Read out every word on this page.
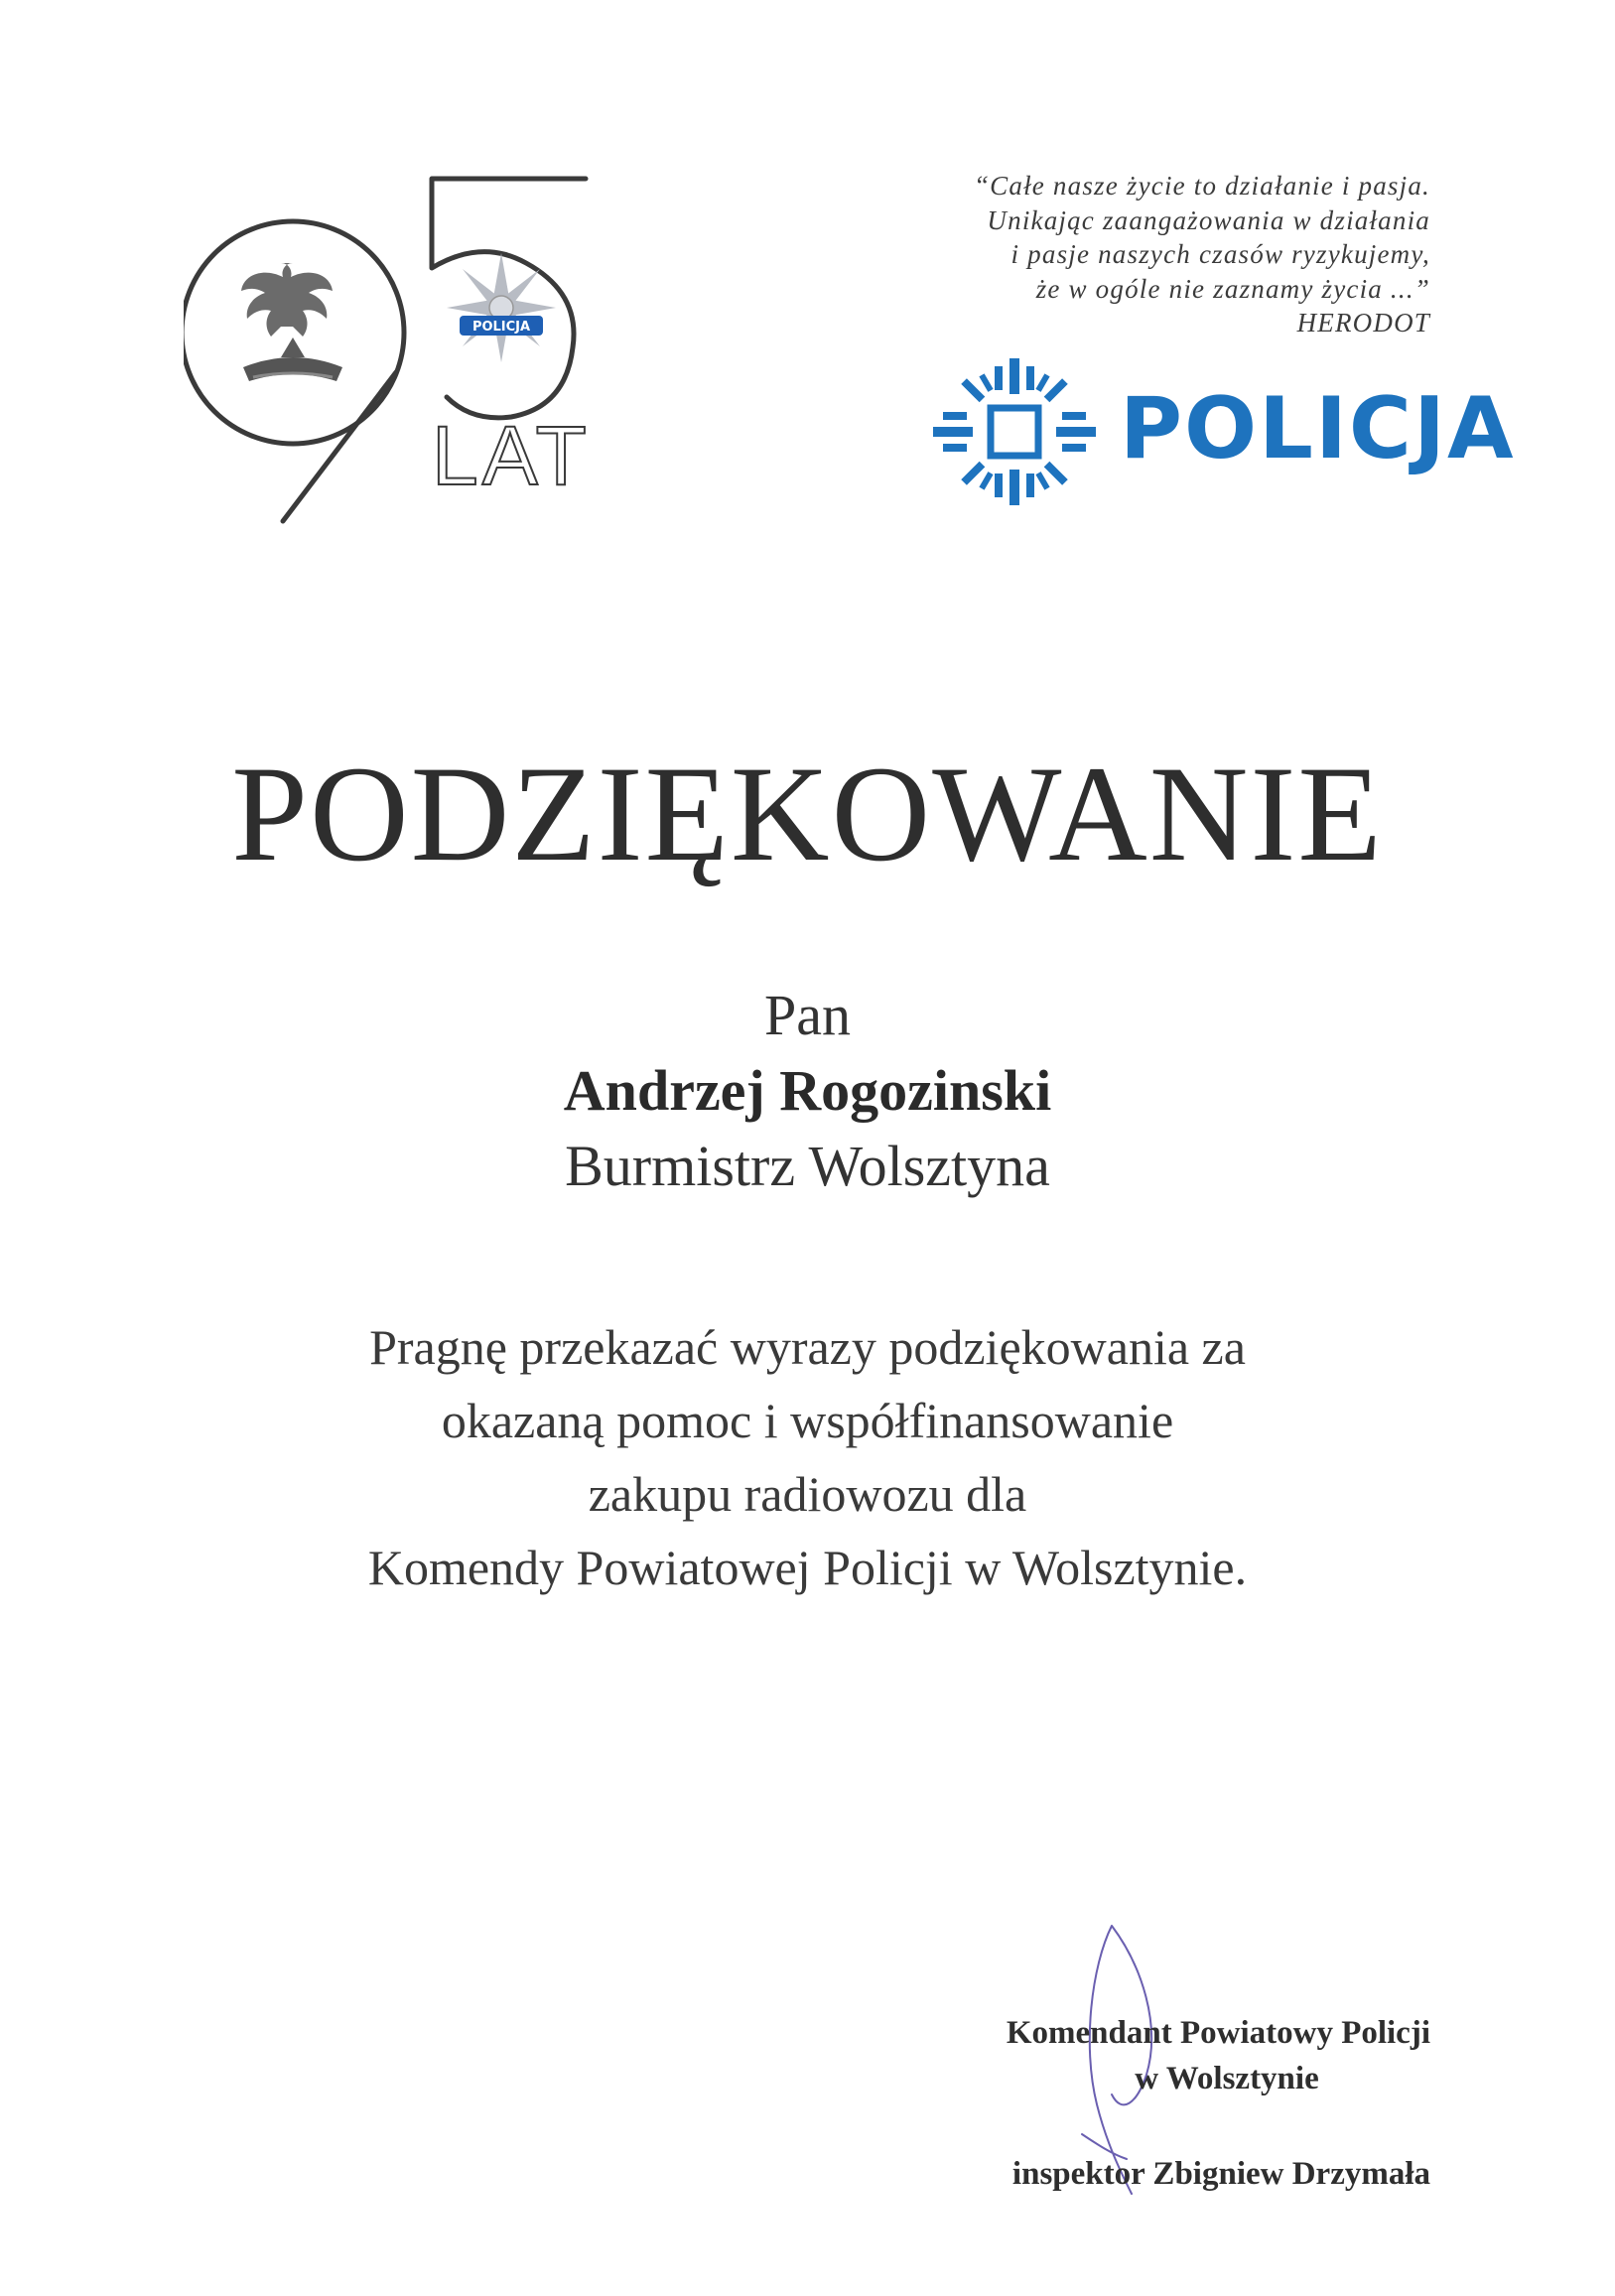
POLICJA
LAT
“Całe nasze życie to działanie i pasja.
Unikając zaangażowania w działania
i pasje naszych czasów ryzykujemy,
że w ogóle nie zaznamy życia ...”
HERODOT
POLICJA
PODZIĘKOWANIE
Pan
Andrzej Rogozinski
Burmistrz Wolsztyna
Pragnę przekazać wyrazy podziękowania za
okazaną pomoc i współfinansowanie
zakupu radiowozu dla
Komendy Powiatowej Policji w Wolsztynie.
Komendant Powiatowy Policji
w Wolsztynie
inspektor Zbigniew Drzymała
